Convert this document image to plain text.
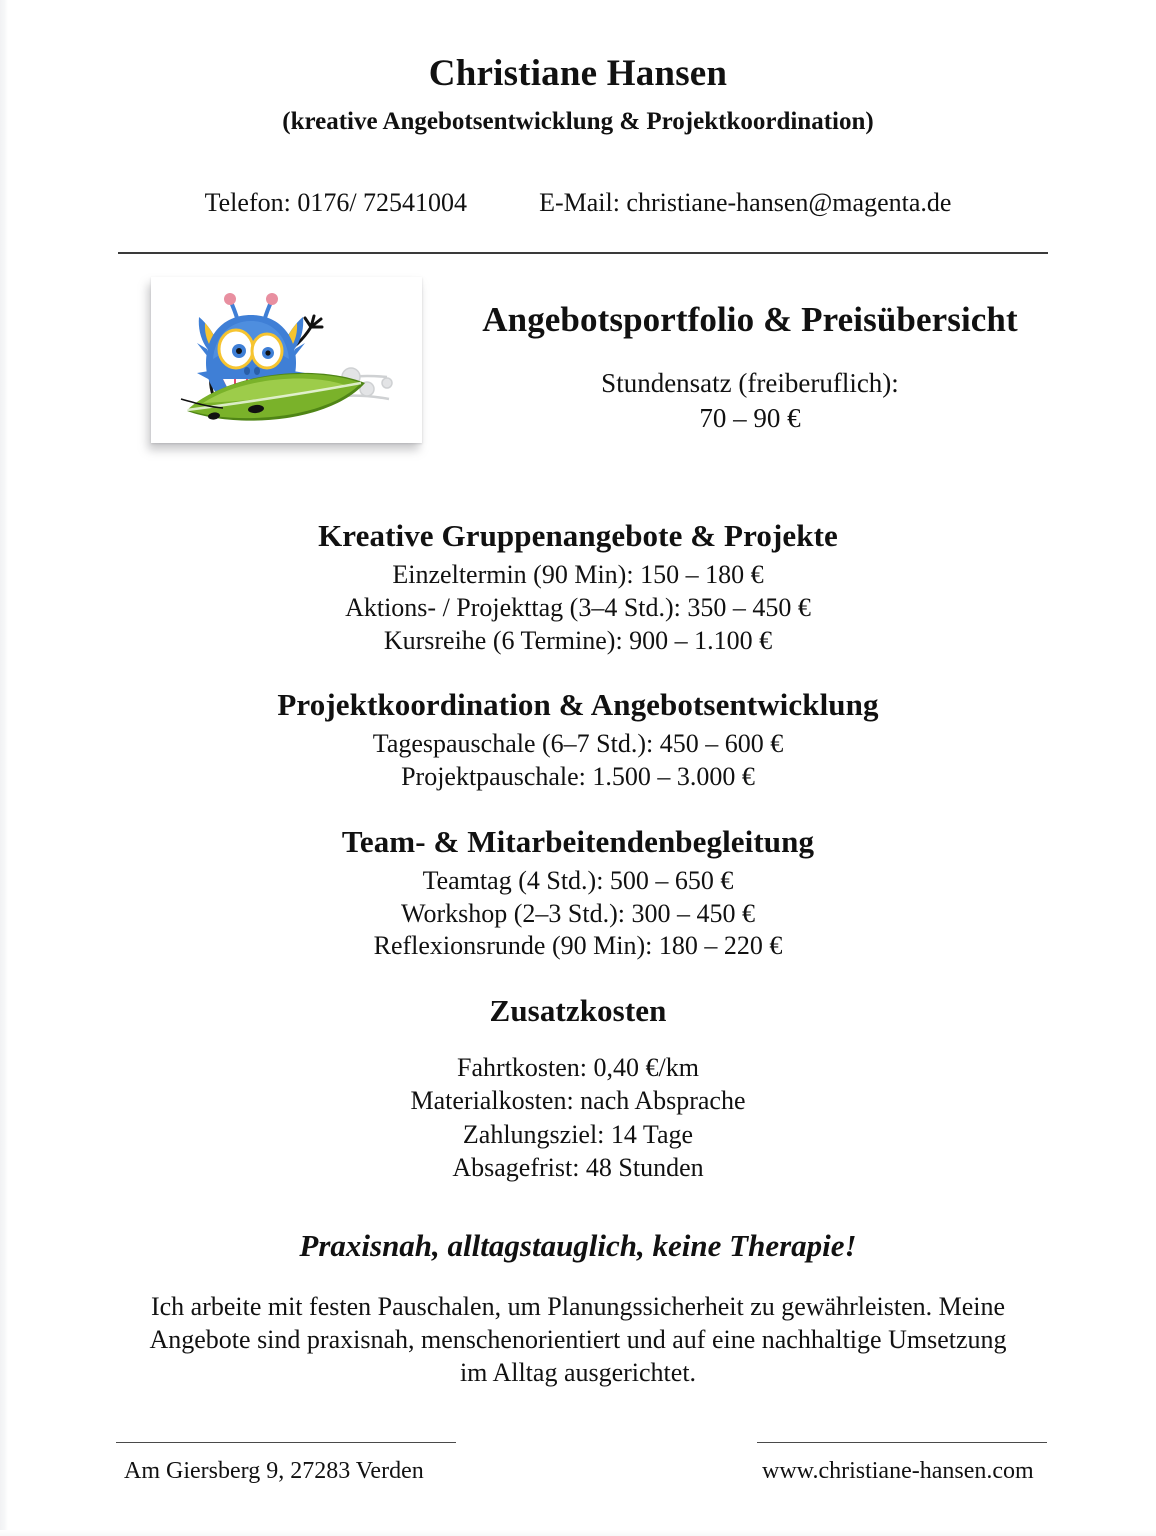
Christiane Hansen
(kreative Angebotsentwicklung & Projektkoordination)
Telefon: 0176/ 72541004	E-Mail: christiane-hansen@magenta.de
Angebotsportfolio & Preisübersicht
Stundensatz (freiberuflich):
70 – 90 €
Kreative Gruppenangebote & Projekte
Einzeltermin (90 Min): 150 – 180 €
Aktions- / Projekttag (3–4 Std.): 350 – 450 €
Kursreihe (6 Termine): 900 – 1.100 €
Projektkoordination & Angebotsentwicklung
Tagespauschale (6–7 Std.): 450 – 600 €
Projektpauschale: 1.500 – 3.000 €
Team- & Mitarbeitendenbegleitung
Teamtag (4 Std.): 500 – 650 €
Workshop (2–3 Std.): 300 – 450 €
Reflexionsrunde (90 Min): 180 – 220 €
Zusatzkosten
Fahrtkosten: 0,40 €/km
Materialkosten: nach Absprache
Zahlungsziel: 14 Tage
Absagefrist: 48 Stunden
Praxisnah, alltagstauglich, keine Therapie!
Ich arbeite mit festen Pauschalen, um Planungssicherheit zu gewährleisten. Meine Angebote sind praxisnah, menschenorientiert und auf eine nachhaltige Umsetzung im Alltag ausgerichtet.
Am Giersberg 9, 27283 Verden	www.christiane-hansen.com
